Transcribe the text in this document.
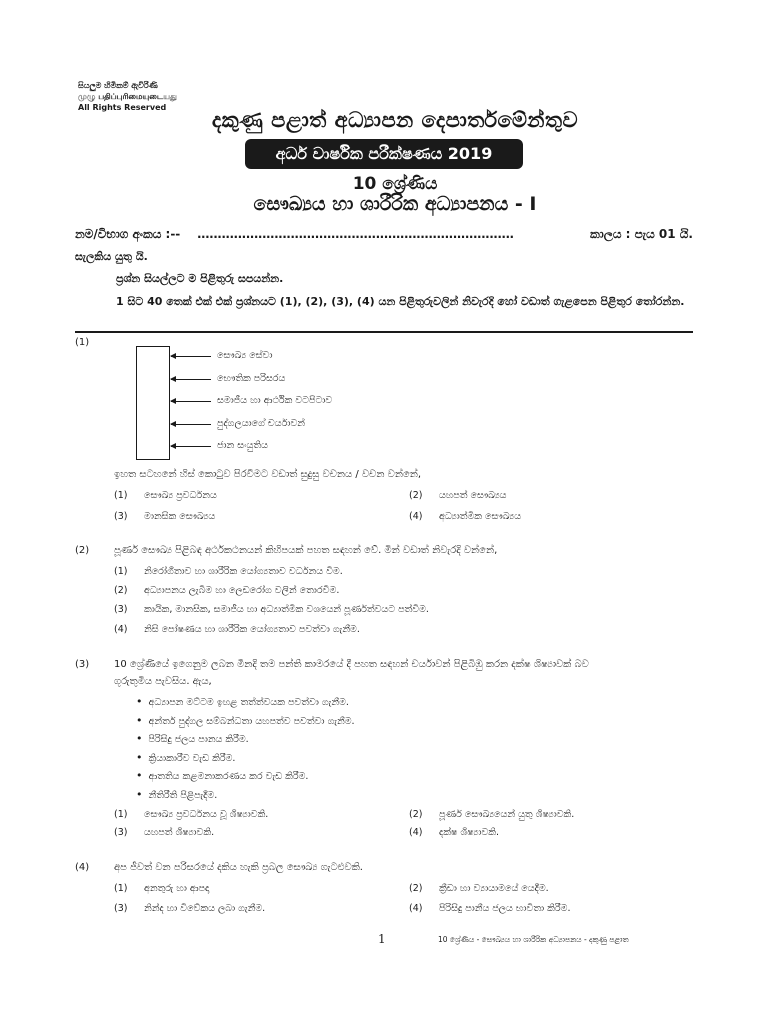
සියලුම හිමිකම් ඇවිරිණි
முழு பதிப்புரிமையுடையது
All Rights Reserved
දකුණු පළාත් අධ්‍යාපන දෙපාර්තමේන්තුව
අර්ධ වාර්ෂික පරීක්ෂණය 2019
10 ශ්‍රේණිය
සෞඛ්‍යය හා ශාරීරික අධ්‍යාපනය - I
නම/විභාග අංකය :-- ..............................................................................	කාලය : පැය 01 යි.
සැලකිය යුතු යි.
ප්‍රශ්න සියල්ලට ම පිළිතුරු සපයන්න.
1 සිට 40 තෙක් එක් එක් ප්‍රශ්නයට (1), (2), (3), (4) යන පිළිතුරුවලින් නිවැරදි හෝ වඩාත් ගැළපෙන පිළිතුර තෝරන්න.
(1)
සෞඛ්‍ය සේවා
භෞතික පරිසරය
සමාජීය හා ආර්ථික වටපිටාව
පුද්ගලයාගේ චර්යාවන්
ජාන සංයුතිය
ඉහත සටහනේ හිස් කොටුව පිරවීමට වඩාත් සුදුසු වචනය / වචන වන්නේ,
(1) සෞඛ්‍ය ප්‍රවර්ධනය	(2) යහපත් සෞඛ්‍යය
(3) මානසික සෞඛ්‍යය	(4) අධ්‍යාත්මික සෞඛ්‍යය
(2) පූර්ණ සෞඛ්‍ය පිළිබඳ අර්ථකථනයන් කිහිපයක් පහත සඳහන් වේ. මින් වඩාත් නිවැරදි වන්නේ,
(1) නිරෝගීතාව හා ශාරීරික යෝග්‍යතාව වර්ධනය වීම.
(2) අධ්‍යාපනය ලැබීම හා ලෙඩරෝග වලින් තොරවීම.
(3) කායික, මානසික, සමාජීය හා අධ්‍යාත්මික වශයෙන් පූර්ණත්වයට පත්වීම.
(4) නිසි පෝෂණය හා ශාරීරික යෝග්‍යතාව පවත්වා ගැනීම.
(3) 10 ශ්‍රේණියේ ඉගෙනුම ලබන මීනදි තම පන්ති කාමරයේ දී පහත සඳහන් චර්යාවන් පිළිබිඹු කරන දක්ෂ ශිෂ්‍යාවක් බව
ගුරුතුමිය පැවසිය. ඇය,
• අධ්‍යාපන මට්ටම ඉහළ තත්ත්වයක පවත්වා ගැනීම.
• අන්තර් පුද්ගල සම්බන්ධතා යහපත්ව පවත්වා ගැනීම.
• පිරිසිදු ජලය පානය කිරීම.
• ක්‍රියාකාරීව වැඩ කිරීම.
• ආතතිය කළමනාකරණය කර වැඩ කිරීම.
• නීතිරීති පිළිපැදීම.
(1) සෞඛ්‍ය ප්‍රවර්ධනය වූ ශිෂ්‍යාවකි.	(2) පූර්ණ සෞඛ්‍යයෙන් යුතු ශිෂ්‍යාවකි.
(3) යහපත් ශිෂ්‍යාවකි.	(4) දක්ෂ ශිෂ්‍යාවකි.
(4) අප ජීවත් වන පරිසරයේ දකිය හැකි ප්‍රබල සෞඛ්‍ය ගැටළුවකි.
(1) අනතුරු හා ආපදා	(2) ක්‍රීඩා හා ව්‍යායාමයේ යෙදීම.
(3) නින්ද හා විවේකය ලබා ගැනීම.	(4) පිරිසිදු පානීය ජලය භාවිතා කිරීම.
1	10 ශ්‍රේණිය - සෞඛ්‍යය හා ශාරීරික අධ්‍යාපනය - දකුණු පළාත
